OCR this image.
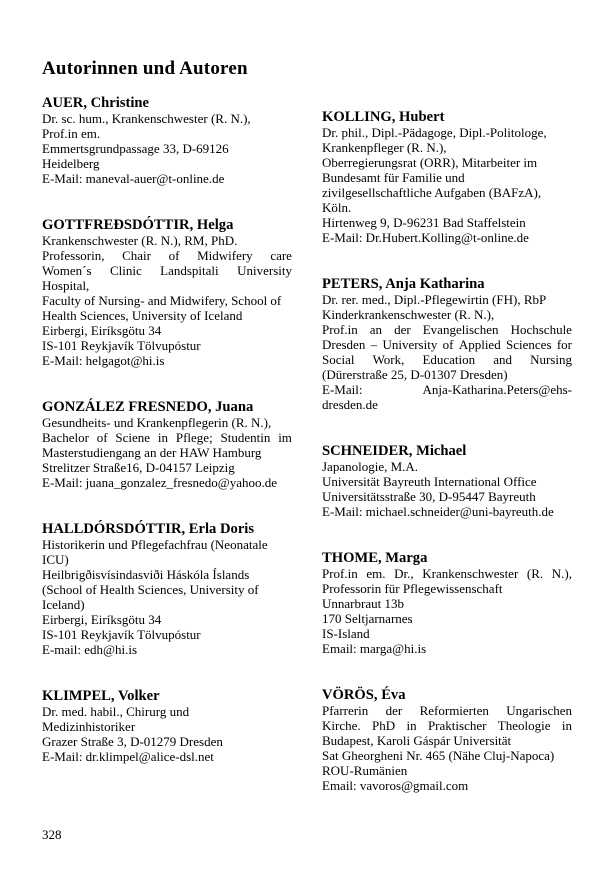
Autorinnen und Autoren
AUER, Christine
Dr. sc. hum., Krankenschwester (R. N.),
Prof.in em.
Emmertsgrundpassage 33, D-69126
Heidelberg
E-Mail: maneval-auer@t-online.de
GOTTFREÐSDÓTTIR, Helga
Krankenschwester (R. N.), RM, PhD.
Professorin, Chair of Midwifery care
Women´s Clinic Landspitali University
Hospital,
Faculty of Nursing- and Midwifery, School of
Health Sciences, University of Iceland
Eirbergi, Eiríksgötu 34
IS-101 Reykjavík Tölvupóstur
E-Mail: helgagot@hi.is
GONZÁLEZ FRESNEDO, Juana
Gesundheits- und Krankenpflegerin (R. N.),
Bachelor of Sciene in Pflege; Studentin im
Masterstudiengang an der HAW Hamburg
Strelitzer Straße16, D-04157 Leipzig
E-Mail: juana_gonzalez_fresnedo@yahoo.de
HALLDÓRSDÓTTIR, Erla Doris
Historikerin und Pflegefachfrau (Neonatale
ICU)
Heilbrigðisvísindasviði Háskóla Íslands
(School of Health Sciences, University of
Iceland)
Eirbergi, Eiríksgötu 34
IS-101 Reykjavík Tölvupóstur
E-mail: edh@hi.is
KLIMPEL, Volker
Dr. med. habil., Chirurg und
Medizinhistoriker
Grazer Straße 3, D-01279 Dresden
E-Mail: dr.klimpel@alice-dsl.net
KOLLING, Hubert
Dr. phil., Dipl.-Pädagoge, Dipl.-Politologe,
Krankenpfleger (R. N.),
Oberregierungsrat (ORR), Mitarbeiter im
Bundesamt für Familie und
zivilgesellschaftliche Aufgaben (BAFzA),
Köln.
Hirtenweg 9, D-96231 Bad Staffelstein
E-Mail: Dr.Hubert.Kolling@t-online.de
PETERS, Anja Katharina
Dr. rer. med., Dipl.-Pflegewirtin (FH), RbP
Kinderkrankenschwester (R. N.),
Prof.in an der Evangelischen Hochschule
Dresden – University of Applied Sciences for
Social Work, Education and Nursing
(Dürerstraße 25, D-01307 Dresden)
E-Mail:	Anja-Katharina.Peters@ehs-
dresden.de
SCHNEIDER, Michael
Japanologie, M.A.
Universität Bayreuth International Office
Universitätsstraße 30, D-95447 Bayreuth
E-Mail: michael.schneider@uni-bayreuth.de
THOME, Marga
Prof.in em. Dr., Krankenschwester (R. N.),
Professorin für Pflegewissenschaft
Unnarbraut 13b
170 Seltjarnarnes
IS-Island
Email: marga@hi.is
VÖRÖS, Éva
Pfarrerin der Reformierten Ungarischen
Kirche. PhD in Praktischer Theologie in
Budapest, Karoli Gáspár Universität
Sat Gheorgheni Nr. 465 (Nähe Cluj-Napoca)
ROU-Rumänien
Email: vavoros@gmail.com
328
